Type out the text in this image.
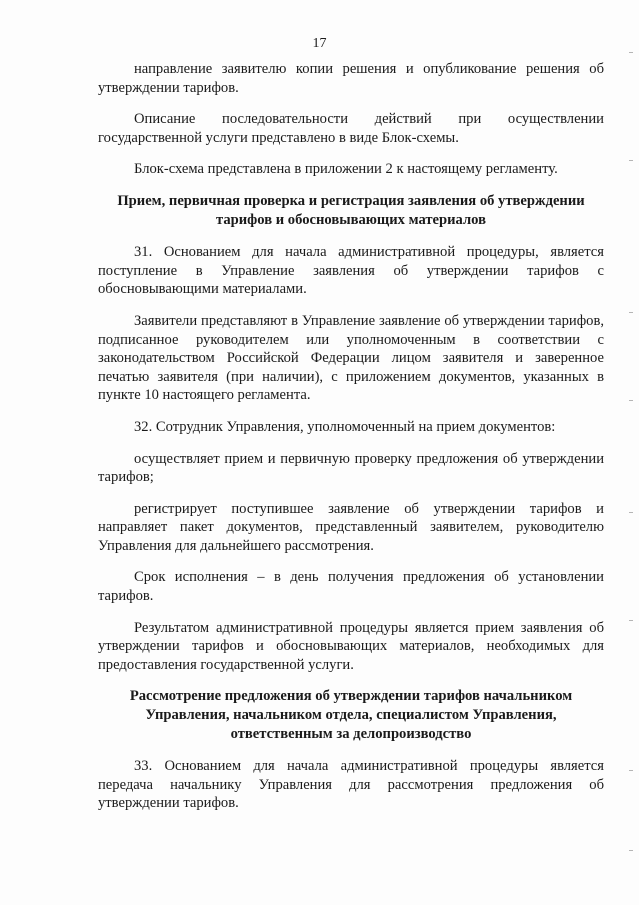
17

направление заявителю копии решения и опубликование решения об утверждении тарифов.

Описание последовательности действий при осуществлении государственной услуги представлено в виде Блок-схемы.

Блок-схема представлена в приложении 2 к настоящему регламенту.

Прием, первичная проверка и регистрация заявления об утверждении тарифов и обосновывающих материалов

31. Основанием для начала административной процедуры, является поступление в Управление заявления об утверждении тарифов с обосновывающими материалами.

Заявители представляют в Управление заявление об утверждении тарифов, подписанное руководителем или уполномоченным в соответствии с законодательством Российской Федерации лицом заявителя и заверенное печатью заявителя (при наличии), с приложением документов, указанных в пункте 10 настоящего регламента.

32. Сотрудник Управления, уполномоченный на прием документов:

осуществляет прием и первичную проверку предложения об утверждении тарифов;

регистрирует поступившее заявление об утверждении тарифов и направляет пакет документов, представленный заявителем, руководителю Управления для дальнейшего рассмотрения.

Срок исполнения – в день получения предложения об установлении тарифов.

Результатом административной процедуры является прием заявления об утверждении тарифов и обосновывающих материалов, необходимых для предоставления государственной услуги.

Рассмотрение предложения об утверждении тарифов начальником Управления, начальником отдела, специалистом Управления, ответственным за делопроизводство

33. Основанием для начала административной процедуры является передача начальнику Управления для рассмотрения предложения об утверждении тарифов.
